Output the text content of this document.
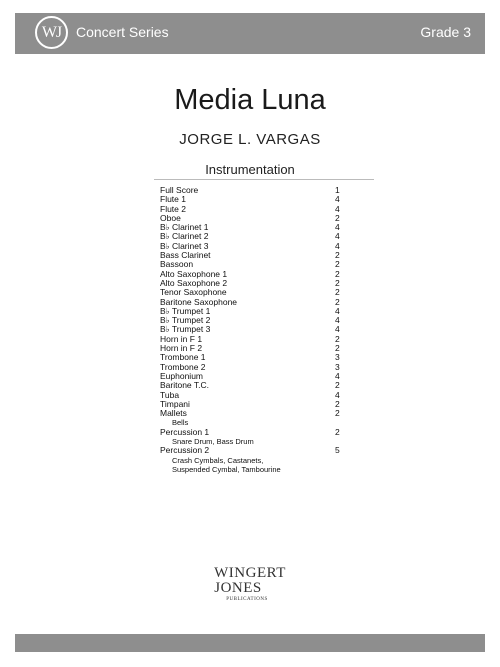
WJ	Concert Series	Grade 3
Media Luna
JORGE L. VARGAS
Instrumentation
Full Score	1
Flute 1	4
Flute 2	4
Oboe	2
B♭ Clarinet 1	4
B♭ Clarinet 2	4
B♭ Clarinet 3	4
Bass Clarinet	2
Bassoon	2
Alto Saxophone 1	2
Alto Saxophone 2	2
Tenor Saxophone	2
Baritone Saxophone	2
B♭ Trumpet 1	4
B♭ Trumpet 2	4
B♭ Trumpet 3	4
Horn in F 1	2
Horn in F 2	2
Trombone 1	3
Trombone 2	3
Euphonium	4
Baritone T.C.	2
Tuba	4
Timpani	2
Mallets	2
Bells
Percussion 1	2
Snare Drum, Bass Drum
Percussion 2	5
Crash Cymbals, Castanets,
Suspended Cymbal, Tambourine
WINGERT
JONES
PUBLICATIONS
